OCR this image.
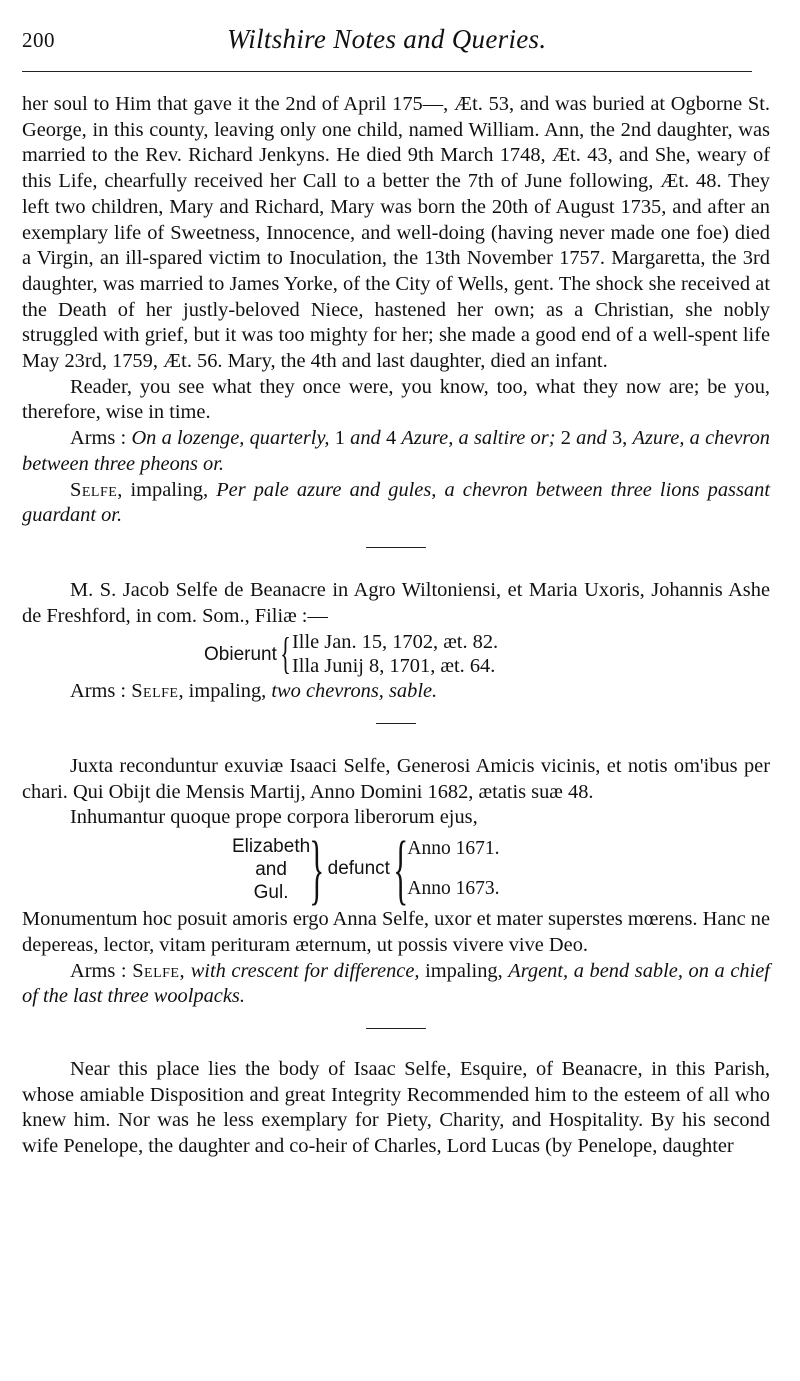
200	Wiltshire Notes and Queries.

her soul to Him that gave it the 2nd of April 175—, Æt. 53, and was buried at Ogborne St. George, in this county, leaving only one child, named William. Ann, the 2nd daughter, was married to the Rev. Richard Jenkyns. He died 9th March 1748, Æt. 43, and She, weary of this Life, chearfully received her Call to a better the 7th of June following, Æt. 48. They left two children, Mary and Richard, Mary was born the 20th of August 1735, and after an exemplary life of Sweetness, Innocence, and well-doing (having never made one foe) died a Virgin, an ill-spared victim to Inoculation, the 13th November 1757. Margaretta, the 3rd daughter, was married to James Yorke, of the City of Wells, gent. The shock she received at the Death of her justly-beloved Niece, hastened her own; as a Christian, she nobly struggled with grief, but it was too mighty for her; she made a good end of a well-spent life May 23rd, 1759, Æt. 56. Mary, the 4th and last daughter, died an infant.

Reader, you see what they once were, you know, too, what they now are; be you, therefore, wise in time.

Arms : On a lozenge, quarterly, 1 and 4 Azure, a saltire or; 2 and 3, Azure, a chevron between three pheons or.

Selfe, impaling, Per pale azure and gules, a chevron between three lions passant guardant or.

M. S. Jacob Selfe de Beanacre in Agro Wiltoniensi, et Maria Uxoris, Johannis Ashe de Freshford, in com. Som., Filiæ :—

Obierunt { Ille Jan. 15, 1702, æt. 82.
Illa Junij 8, 1701, æt. 64.

Arms : Selfe, impaling, two chevrons, sable.

Juxta reconduntur exuviæ Isaaci Selfe, Generosi Amicis vicinis, et notis om'ibus per chari. Qui Obijt die Mensis Martij, Anno Domini 1682, ætatis suæ 48.

Inhumantur quoque prope corpora liberorum ejus,

Elizabeth
and
Gul. } defunct { Anno 1671.
Anno 1673.

Monumentum hoc posuit amoris ergo Anna Selfe, uxor et mater superstes mœrens. Hanc ne depereas, lector, vitam perituram æternum, ut possis vivere vive Deo.

Arms : Selfe, with crescent for difference, impaling, Argent, a bend sable, on a chief of the last three woolpacks.

Near this place lies the body of Isaac Selfe, Esquire, of Beanacre, in this Parish, whose amiable Disposition and great Integrity Recommended him to the esteem of all who knew him. Nor was he less exemplary for Piety, Charity, and Hospitality. By his second wife Penelope, the daughter and co-heir of Charles, Lord Lucas (by Penelope, daughter
